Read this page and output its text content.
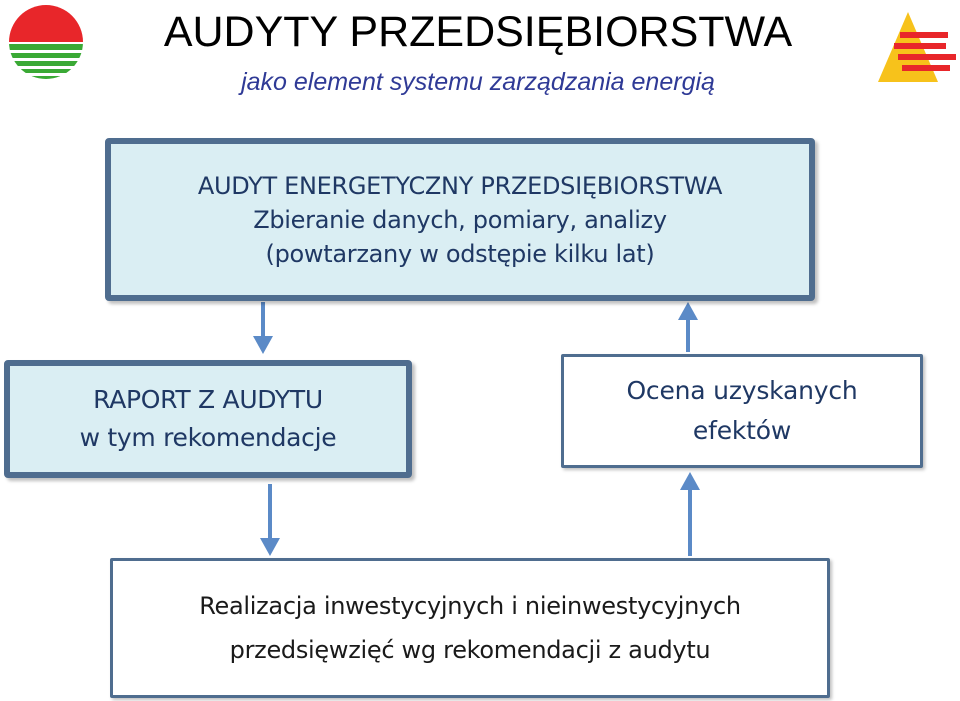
AUDYTY PRZEDSIĘBIORSTWA
jako element systemu zarządzania energią
AUDYT ENERGETYCZNY PRZEDSIĘBIORSTWA
Zbieranie danych, pomiary, analizy
(powtarzany w odstępie kilku lat)
RAPORT Z AUDYTU
w tym rekomendacje
Ocena uzyskanych
efektów
Realizacja inwestycyjnych i nieinwestycyjnych
przedsięwzięć wg rekomendacji z audytu
